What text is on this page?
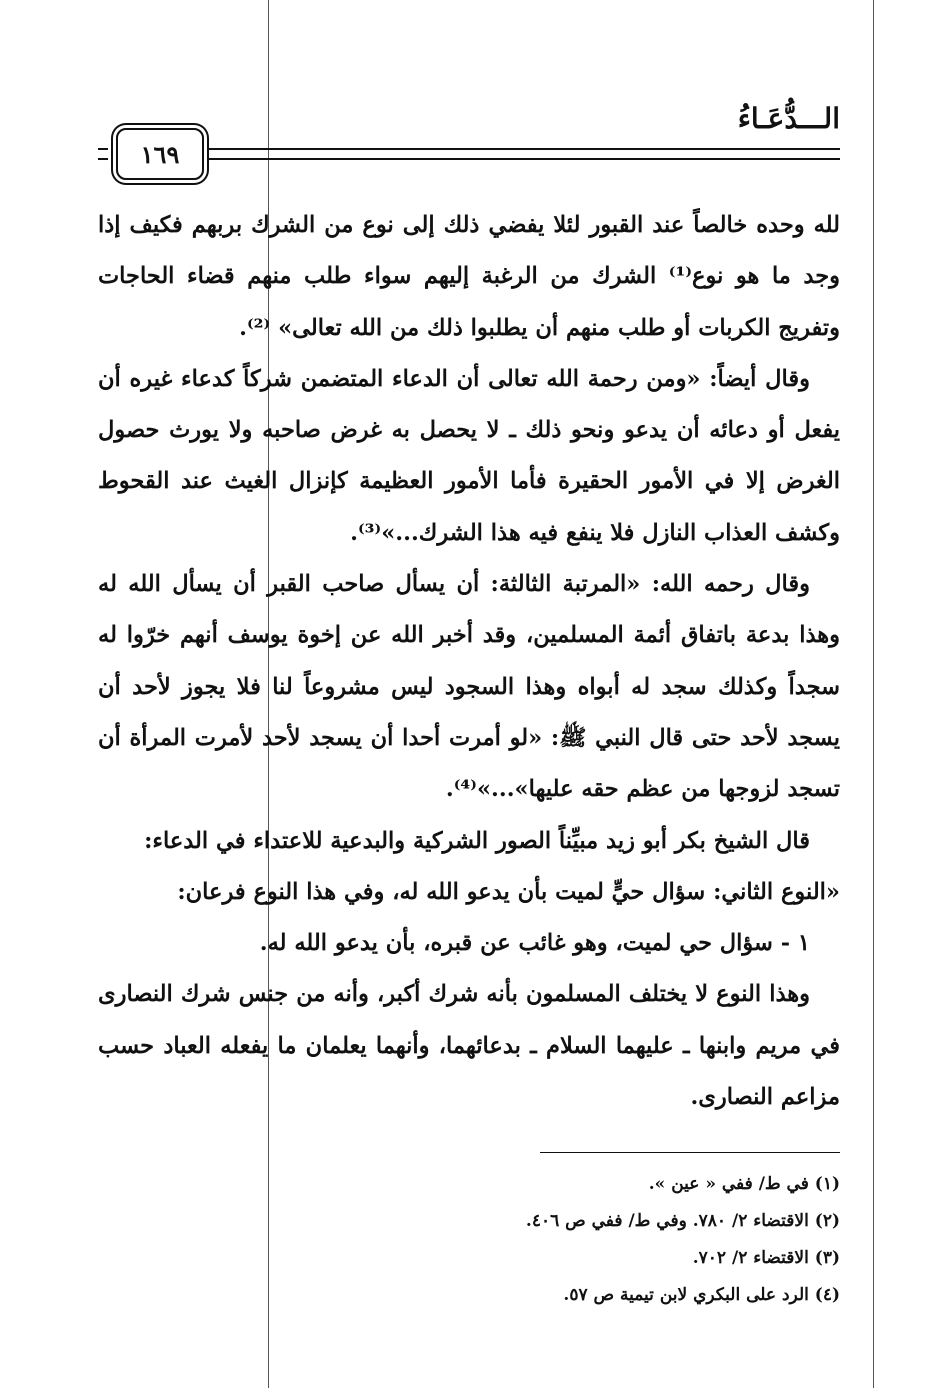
الـــدُّعَـاءُ
١٦٩

لله وحده خالصاً عند القبور لئلا يفضي ذلك إلى نوع من الشرك بربهم فكيف إذا وجد ما هو نوع⁽¹⁾ الشرك من الرغبة إليهم سواء طلب منهم قضاء الحاجات وتفريج الكربات أو طلب منهم أن يطلبوا ذلك من الله تعالى» ⁽²⁾.

وقال أيضاً: «ومن رحمة الله تعالى أن الدعاء المتضمن شركاً كدعاء غيره أن يفعل أو دعائه أن يدعو ونحو ذلك ـ لا يحصل به غرض صاحبه ولا يورث حصول الغرض إلا في الأمور الحقيرة فأما الأمور العظيمة كإنزال الغيث عند القحوط وكشف العذاب النازل فلا ينفع فيه هذا الشرك...»⁽³⁾.

وقال رحمه الله: «المرتبة الثالثة: أن يسأل صاحب القبر أن يسأل الله له وهذا بدعة باتفاق أئمة المسلمين، وقد أخبر الله عن إخوة يوسف أنهم خرّوا له سجداً وكذلك سجد له أبواه وهذا السجود ليس مشروعاً لنا فلا يجوز لأحد أن يسجد لأحد حتى قال النبي ﷺ: «لو أمرت أحدا أن يسجد لأحد لأمرت المرأة أن تسجد لزوجها من عظم حقه عليها»...»⁽⁴⁾.

قال الشيخ بكر أبو زيد مبيِّناً الصور الشركية والبدعية للاعتداء في الدعاء:

«النوع الثاني: سؤال حيٍّ لميت بأن يدعو الله له، وفي هذا النوع فرعان:

١ - سؤال حي لميت، وهو غائب عن قبره، بأن يدعو الله له.

وهذا النوع لا يختلف المسلمون بأنه شرك أكبر، وأنه من جنس شرك النصارى في مريم وابنها ـ عليهما السلام ـ بدعائهما، وأنهما يعلمان ما يفعله العباد حسب مزاعم النصارى.

(١) في ط/ ففي « عين ».

(٢) الاقتضاء ٢/ ٧٨٠. وفي ط/ ففي ص ٤٠٦.

(٣) الاقتضاء ٢/ ٧٠٢.

(٤) الرد على البكري لابن تيمية ص ٥٧.
